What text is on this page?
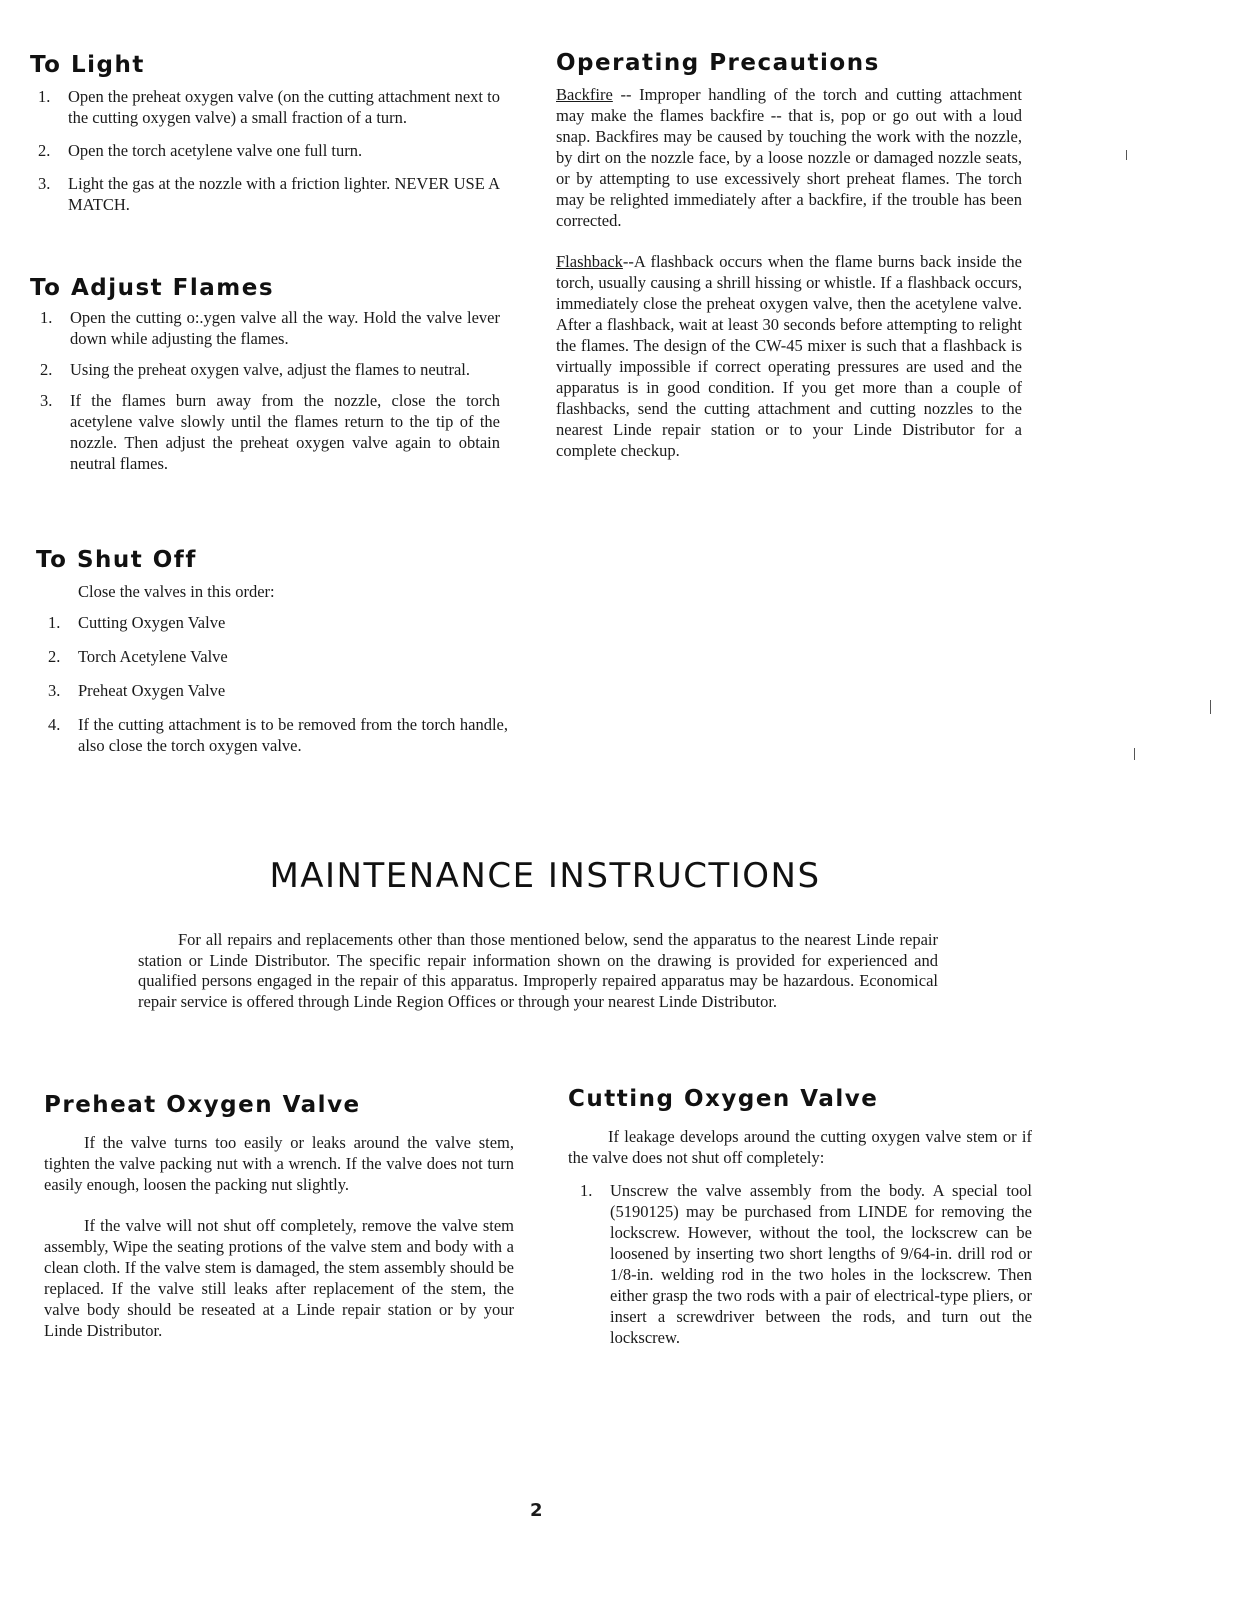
To Light
1.	Open the preheat oxygen valve (on the cutting attachment next to the cutting oxygen valve) a small fraction of a turn.
2.	Open the torch acetylene valve one full turn.
3.	Light the gas at the nozzle with a friction lighter. NEVER USE A MATCH.
To Adjust Flames
1.	Open the cutting o:.ygen valve all the way. Hold the valve lever down while adjusting the flames.
2.	Using the preheat oxygen valve, adjust the flames to neutral.
3.	If the flames burn away from the nozzle, close the torch acetylene valve slowly until the flames return to the tip of the nozzle. Then adjust the preheat oxygen valve again to obtain neutral flames.
To Shut Off

Close the valves in this order:

1.	Cutting Oxygen Valve
2.	Torch Acetylene Valve
3.	Preheat Oxygen Valve
4.	If the cutting attachment is to be removed from the torch handle, also close the torch oxygen valve.
Operating Precautions

Backfire -- Improper handling of the torch and cutting attachment may make the flames backfire -- that is, pop or go out with a loud snap. Backfires may be caused by touching the work with the nozzle, by dirt on the nozzle face, by a loose nozzle or damaged nozzle seats, or by attempting to use excessively short preheat flames. The torch may be relighted immediately after a backfire, if the trouble has been corrected.

Flashback--A flashback occurs when the flame burns back inside the torch, usually causing a shrill hissing or whistle. If a flashback occurs, immediately close the preheat oxygen valve, then the acetylene valve. After a flashback, wait at least 30 seconds before attempting to relight the flames. The design of the CW-45 mixer is such that a flashback is virtually impossible if correct operating pressures are used and the apparatus is in good condition. If you get more than a couple of flashbacks, send the cutting attachment and cutting nozzles to the nearest Linde repair station or to your Linde Distributor for a complete checkup.

MAINTENANCE INSTRUCTIONS

For all repairs and replacements other than those mentioned below, send the apparatus to the nearest Linde repair station or Linde Distributor. The specific repair information shown on the drawing is provided for experienced and qualified persons engaged in the repair of this apparatus. Improperly repaired apparatus may be hazardous. Economical repair service is offered through Linde Region Offices or through your nearest Linde Distributor.

Preheat Oxygen Valve

If the valve turns too easily or leaks around the valve stem, tighten the valve packing nut with a wrench. If the valve does not turn easily enough, loosen the packing nut slightly.

If the valve will not shut off completely, remove the valve stem assembly, Wipe the seating protions of the valve stem and body with a clean cloth. If the valve stem is damaged, the stem assembly should be replaced. If the valve still leaks after replacement of the stem, the valve body should be reseated at a Linde repair station or by your Linde Distributor.

Cutting Oxygen Valve

If leakage develops around the cutting oxygen valve stem or if the valve does not shut off completely:

1.	Unscrew the valve assembly from the body. A special tool (5190125) may be purchased from LINDE for removing the lockscrew. However, without the tool, the lockscrew can be loosened by inserting two short lengths of 9/64-in. drill rod or 1/8-in. welding rod in the two holes in the lockscrew. Then either grasp the two rods with a pair of electrical-type pliers, or insert a screwdriver between the rods, and turn out the lockscrew.
2
